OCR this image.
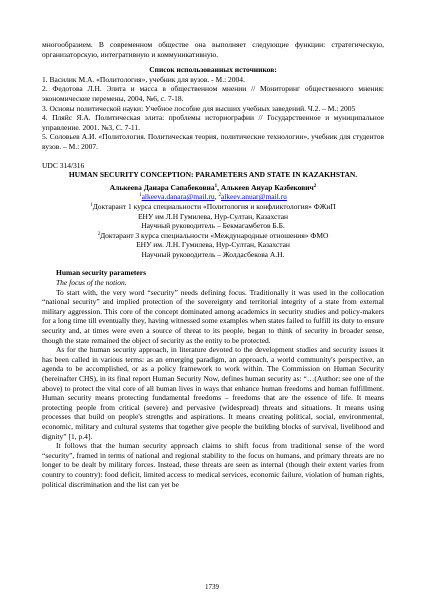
многообразием. В современном обществе она выполняет следующие функции: стратегическую, организаторскую, интегративную и коммуникативную.

Список использованных источников:

1. Василик М.А. «Политология», учебник для вузов. - М.: 2004.

2. Федотова Л.Н. Элита и масса в общественном мнении // Мониторинг общественного мнения: экономические перемены, 2004, №6, с. 7-18.

3. Основы политической науки: Учебное пособие для высших учебных заведений. Ч.2. – М.: 2005

4. Пляйс Я.А. Политическая элита: проблемы историографии // Государственное и муниципальное управление. 2001. №3, С. 7-11.

5. Соловьев А.И. «Политология. Политическая теория, политические технологии», учебник для студентов вузов. – М.: 2007.

UDC 314/316

HUMAN SECURITY CONCEPTION: PARAMETERS AND STATE IN KAZAKHSTAN.

Алькеева Данара Сапабековна$^1$, Алькеев Ануар Казбекович$^2$

$^1$alkeeva.danara@mail.ru, $^2$alkeev.anuar@mail.ru

$^1$Доктарант 1 курса специальности «Политология и конфликтология» ФЖиП

ЕНУ им Л.Н Гумилева, Нур-Султан, Казахстан

Научный руководитель – Бекмагамбетов Б.Б.

$^2$Доктарант 3 курса специальности «Международные отношения» ФМО

ЕНУ им. Л.Н. Гумилева, Нур-Султан, Казахстан

Научный руководитель – Жолдасбекова А.Н.

Human security parameters

The focus of the notion.

To start with, the very word “security” needs defining focus. Traditionally it was used in the collocation “national security” and implied protection of the sovereignty and territorial integrity of a state from external military aggression. This core of the concept dominated among academics in security studies and policy-makers for a long time till eventually they, having witnessed some examples when states failed to fulfill its duty to ensure security and, at times were even a source of threat to its people, began to think of security in broader sense, though the state remained the object of security as the entity to be protected.

As for the human security approach, in literature devoted to the development studies and security issues it has been called in various terms: as an emerging paradigm, an approach, a world community's perspective, an agenda to be accomplished, or as a policy framework to work within. The Commission on Human Security (hereinafter CHS), in its final report Human Security Now, defines human security as: “…(Author: see one of the above) to protect the vital core of all human lives in ways that enhance human freedoms and human fulfillment. Human security means protecting fundamental freedoms – freedoms that are the essence of life. It means protecting people from critical (severe) and pervasive (widespread) threats and situations. It means using processes that build on people's strengths and aspirations. It means creating political, social, environmental, economic, military and cultural systems that together give people the building blocks of survival, livelihood and dignity” [1, p.4].

It follows that the human security approach claims to shift focus from traditional sense of the word “security”, framed in terms of national and regional stability to the focus on humans, and primary threats are no longer to be dealt by military forces. Instead, these threats are seen as internal (though their extent varies from country to country): food deficit, limited access to medical services, economic failure, violation of human rights, political discrimination and the list can yet be

1739
